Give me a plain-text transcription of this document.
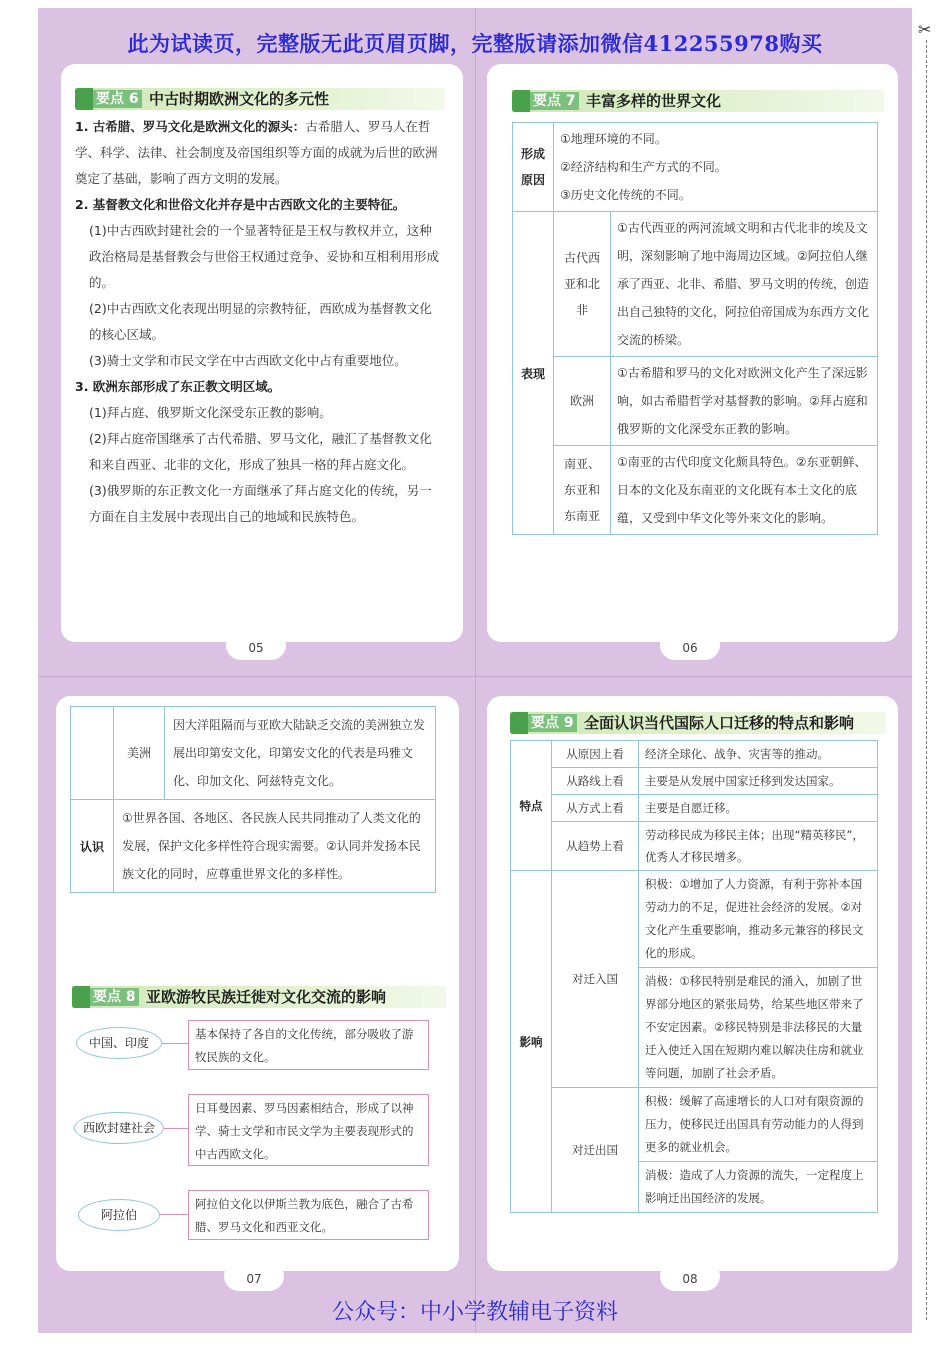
✂
此为试读页，完整版无此页眉页脚，完整版请添加微信412255978购买
05
要点 6 中古时期欧洲文化的多元性

1. 古希腊、罗马文化是欧洲文化的源头：古希腊人、罗马人在哲学、科学、法律、社会制度及帝国组织等方面的成就为后世的欧洲奠定了基础，影响了西方文明的发展。

2. 基督教文化和世俗文化并存是中古西欧文化的主要特征。

(1)中古西欧封建社会的一个显著特征是王权与教权并立，这种政治格局是基督教会与世俗王权通过竞争、妥协和互相利用形成的。

(2)中古西欧文化表现出明显的宗教特征，西欧成为基督教文化的核心区域。

(3)骑士文学和市民文学在中古西欧文化中占有重要地位。

3. 欧洲东部形成了东正教文明区域。

(1)拜占庭、俄罗斯文化深受东正教的影响。

(2)拜占庭帝国继承了古代希腊、罗马文化，融汇了基督教文化和来自西亚、北非的文化，形成了独具一格的拜占庭文化。

(3)俄罗斯的东正教文化一方面继承了拜占庭文化的传统，另一方面在自主发展中表现出自己的地域和民族特色。

06
要点 7 丰富多样的世界文化
形成原因	①地理环境的不同。
②经济结构和生产方式的不同。
③历史文化传统的不同。	

表现	古代西亚和北非	①古代西亚的两河流域文明和古代北非的埃及文明，深刻影响了地中海周边区域。②阿拉伯人继承了西亚、北非、希腊、罗马文明的传统，创造出自己独特的文化，阿拉伯帝国成为东西方文化交流的桥梁。
	欧洲	①古希腊和罗马的文化对欧洲文化产生了深远影响，如古希腊哲学对基督教的影响。②拜占庭和俄罗斯的文化深受东正教的影响。
	南亚、东亚和东南亚	①南亚的古代印度文化颇具特色。②东亚朝鲜、日本的文化及东南亚的文化既有本土文化的底蕴，又受到中华文化等外来文化的影响。
07
	美洲	因大洋阻隔而与亚欧大陆缺乏交流的美洲独立发展出印第安文化，印第安文化的代表是玛雅文化、印加文化、阿兹特克文化。
认识	①世界各国、各地区、各民族人民共同推动了人类文化的发展，保护文化多样性符合现实需要。②认同并发扬本民族文化的同时，应尊重世界文化的多样性。	
要点 8 亚欧游牧民族迁徙对文化交流的影响
中国、印度
基本保持了各自的文化传统，部分吸收了游牧民族的文化。
西欧封建社会
日耳曼因素、罗马因素相结合，形成了以神学、骑士文学和市民文学为主要表现形式的中古西欧文化。
阿拉伯
阿拉伯文化以伊斯兰教为底色，融合了古希腊、罗马文化和西亚文化。
08
要点 9 全面认识当代国际人口迁移的特点和影响
特点	从原因上看	经济全球化、战争、灾害等的推动。
	从路线上看	主要是从发展中国家迁移到发达国家。
	从方式上看	主要是自愿迁移。
	从趋势上看	劳动移民成为移民主体；出现“精英移民”，优秀人才移民增多。
影响	对迁入国	积极：①增加了人力资源，有利于弥补本国劳动力的不足，促进社会经济的发展。②对文化产生重要影响，推动多元兼容的移民文化的形成。
		消极：①移民特别是难民的涌入，加剧了世界部分地区的紧张局势，给某些地区带来了不安定因素。②移民特别是非法移民的大量迁入使迁入国在短期内难以解决住房和就业等问题，加剧了社会矛盾。
	对迁出国	积极：缓解了高速增长的人口对有限资源的压力，使移民迁出国具有劳动能力的人得到更多的就业机会。
		消极：造成了人力资源的流失，一定程度上影响迁出国经济的发展。
公众号：中小学教辅电子资料
